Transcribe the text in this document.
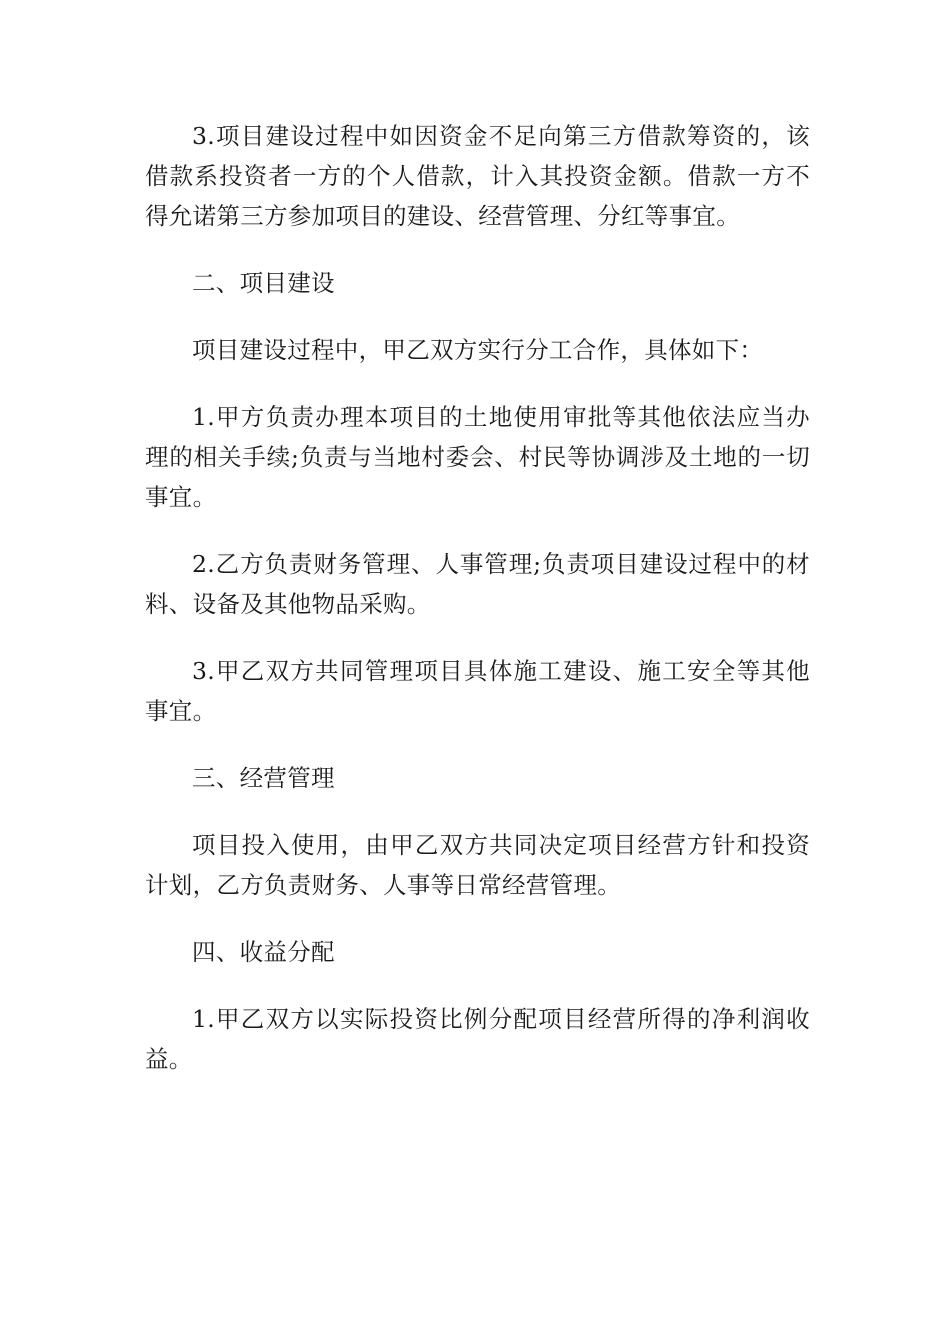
3.项目建设过程中如因资金不足向第三方借款筹资的，该借款系投资者一方的个人借款，计入其投资金额。借款一方不得允诺第三方参加项目的建设、经营管理、分红等事宜。

二、项目建设

项目建设过程中，甲乙双方实行分工合作，具体如下：

1.甲方负责办理本项目的土地使用审批等其他依法应当办理的相关手续;负责与当地村委会、村民等协调涉及土地的一切事宜。

2.乙方负责财务管理、人事管理;负责项目建设过程中的材料、设备及其他物品采购。

3.甲乙双方共同管理项目具体施工建设、施工安全等其他事宜。

三、经营管理

项目投入使用，由甲乙双方共同决定项目经营方针和投资计划，乙方负责财务、人事等日常经营管理。

四、收益分配

1.甲乙双方以实际投资比例分配项目经营所得的净利润收益。
